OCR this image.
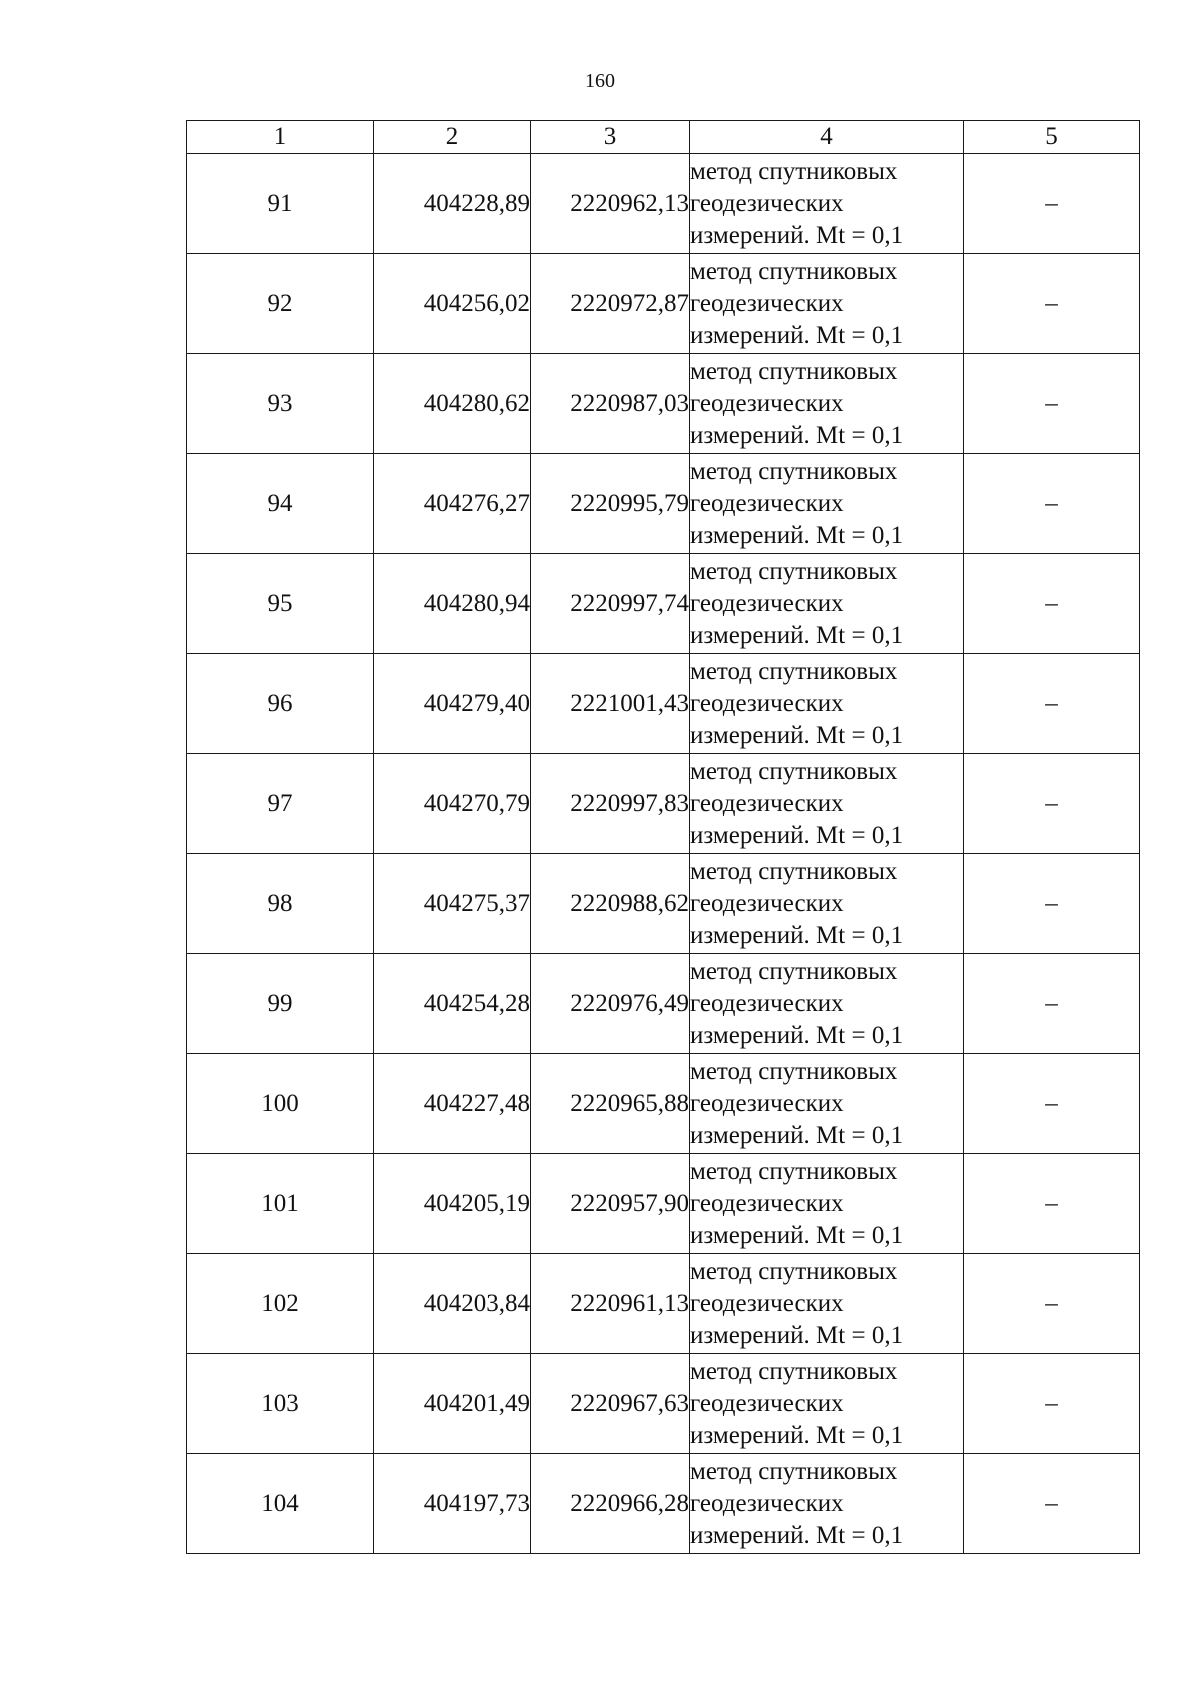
160
1	2	3	4	5
91	404228,89	2220962,13	метод спутниковых
геодезических
измерений. Mt = 0,1	–
92	404256,02	2220972,87	метод спутниковых
геодезических
измерений. Mt = 0,1	–
93	404280,62	2220987,03	метод спутниковых
геодезических
измерений. Mt = 0,1	–
94	404276,27	2220995,79	метод спутниковых
геодезических
измерений. Mt = 0,1	–
95	404280,94	2220997,74	метод спутниковых
геодезических
измерений. Mt = 0,1	–
96	404279,40	2221001,43	метод спутниковых
геодезических
измерений. Mt = 0,1	–
97	404270,79	2220997,83	метод спутниковых
геодезических
измерений. Mt = 0,1	–
98	404275,37	2220988,62	метод спутниковых
геодезических
измерений. Mt = 0,1	–
99	404254,28	2220976,49	метод спутниковых
геодезических
измерений. Mt = 0,1	–
100	404227,48	2220965,88	метод спутниковых
геодезических
измерений. Mt = 0,1	–
101	404205,19	2220957,90	метод спутниковых
геодезических
измерений. Mt = 0,1	–
102	404203,84	2220961,13	метод спутниковых
геодезических
измерений. Mt = 0,1	–
103	404201,49	2220967,63	метод спутниковых
геодезических
измерений. Mt = 0,1	–
104	404197,73	2220966,28	метод спутниковых
геодезических
измерений. Mt = 0,1	–
